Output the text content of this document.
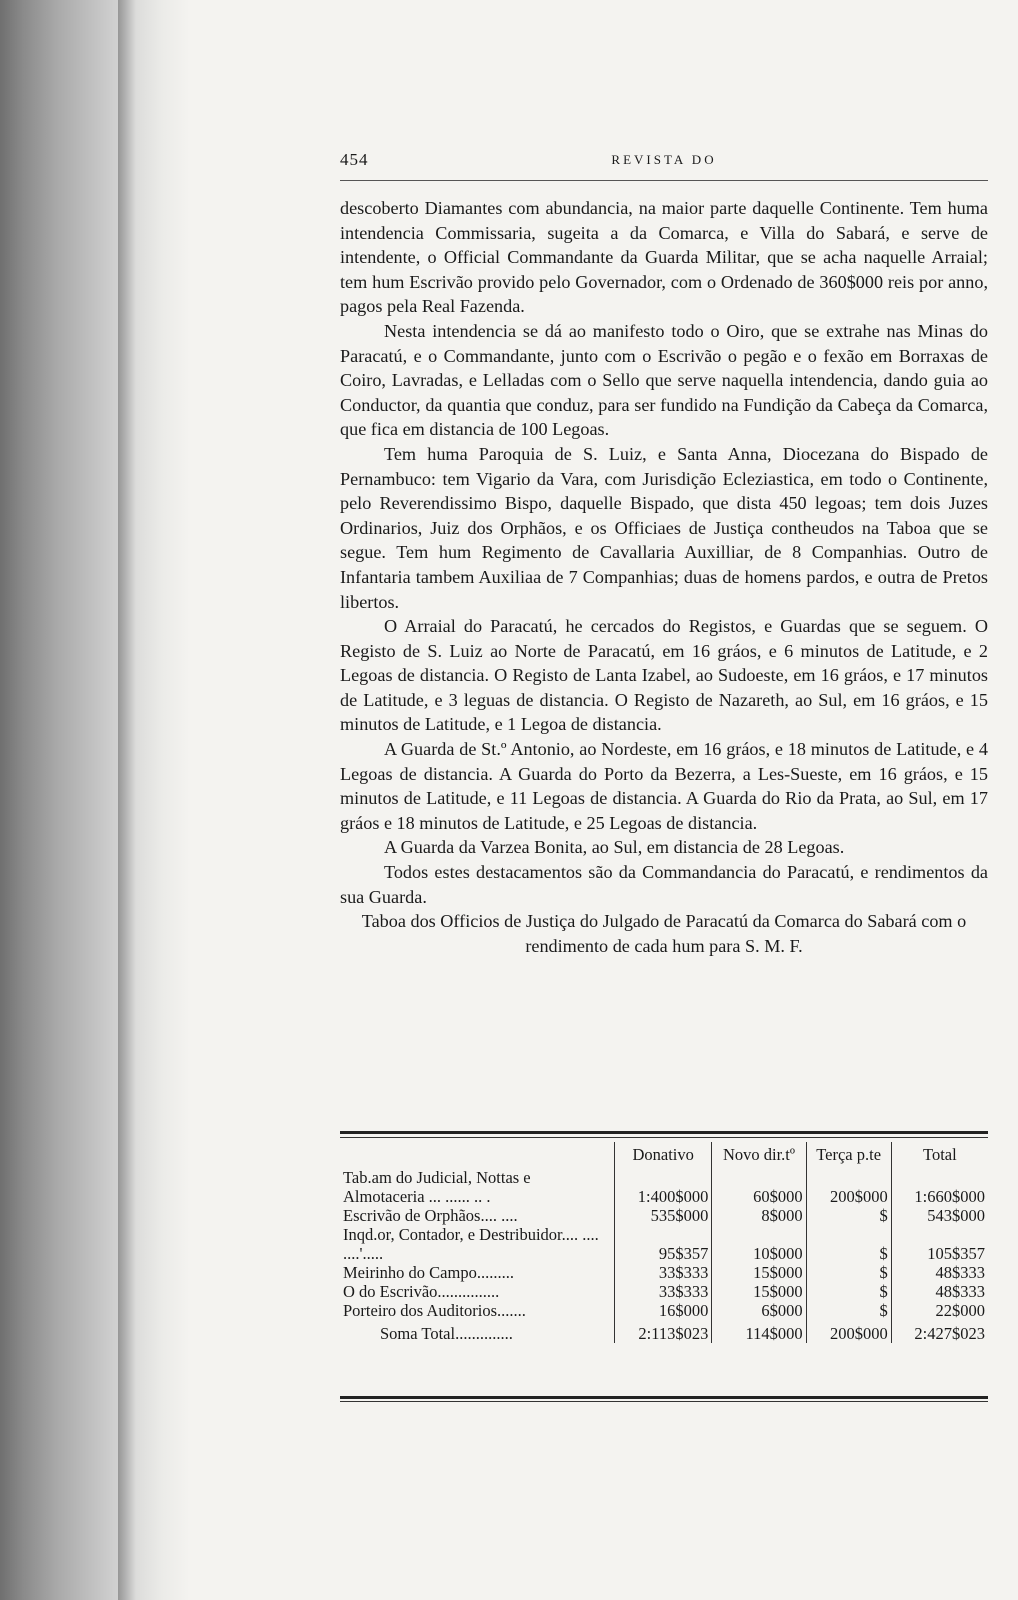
454	REVISTA DO

descoberto Diamantes com abundancia, na maior parte daquelle Continente. Tem huma intendencia Commissaria, sugeita a da Comarca, e Villa do Sabará, e serve de intendente, o Official Commandante da Guarda Militar, que se acha naquelle Arraial; tem hum Escrivão provido pelo Governador, com o Ordenado de 360$000 reis por anno, pagos pela Real Fazenda.

Nesta intendencia se dá ao manifesto todo o Oiro, que se extrahe nas Minas do Paracatú, e o Commandante, junto com o Escrivão o pegão e o fexão em Borraxas de Coiro, Lavradas, e Lelladas com o Sello que serve naquella intendencia, dando guia ao Conductor, da quantia que conduz, para ser fundido na Fundição da Cabeça da Comarca, que fica em distancia de 100 Legoas.

Tem huma Paroquia de S. Luiz, e Santa Anna, Diocezana do Bispado de Pernambuco: tem Vigario da Vara, com Jurisdição Ecleziastica, em todo o Continente, pelo Reverendissimo Bispo, daquelle Bispado, que dista 450 legoas; tem dois Juzes Ordinarios, Juiz dos Orphãos, e os Officiaes de Justiça contheudos na Taboa que se segue. Tem hum Regimento de Cavallaria Auxilliar, de 8 Companhias. Outro de Infantaria tambem Auxiliaa de 7 Companhias; duas de homens pardos, e outra de Pretos libertos.

O Arraial do Paracatú, he cercados do Registos, e Guardas que se seguem. O Registo de S. Luiz ao Norte de Paracatú, em 16 gráos, e 6 minutos de Latitude, e 2 Legoas de distancia. O Registo de Lanta Izabel, ao Sudoeste, em 16 gráos, e 17 minutos de Latitude, e 3 leguas de distancia. O Registo de Nazareth, ao Sul, em 16 gráos, e 15 minutos de Latitude, e 1 Legoa de distancia.

A Guarda de St.º Antonio, ao Nordeste, em 16 gráos, e 18 minutos de Latitude, e 4 Legoas de distancia. A Guarda do Porto da Bezerra, a Les-Sueste, em 16 gráos, e 15 minutos de Latitude, e 11 Legoas de distancia. A Guarda do Rio da Prata, ao Sul, em 17 gráos e 18 minutos de Latitude, e 25 Legoas de distancia.

A Guarda da Varzea Bonita, ao Sul, em distancia de 28 Legoas.

Todos estes destacamentos são da Commandancia do Paracatú, e rendimentos da sua Guarda.

Taboa dos Officios de Justiça do Julgado de Paracatú da Comarca do Sabará com o rendimento de cada hum para S. M. F.

	Donativo	Novo dir.tº	Terça p.te	Total
Tab.am do Judicial, Nottas e Almotaceria ... ...... .. .	1:400$000	60$000	200$000	1:660$000
Escrivão de Orphãos.... ....	535$000	8$000	$	543$000
Inqd.or, Contador, e Destribuidor.... .... ....'.....	95$357	10$000	$	105$357
Meirinho do Campo.........	33$333	15$000	$	48$333
O do Escrivão...............	33$333	15$000	$	48$333
Porteiro dos Auditorios.......	16$000	6$000	$	22$000
Soma Total..............	2:113$023	114$000	200$000	2:427$023
